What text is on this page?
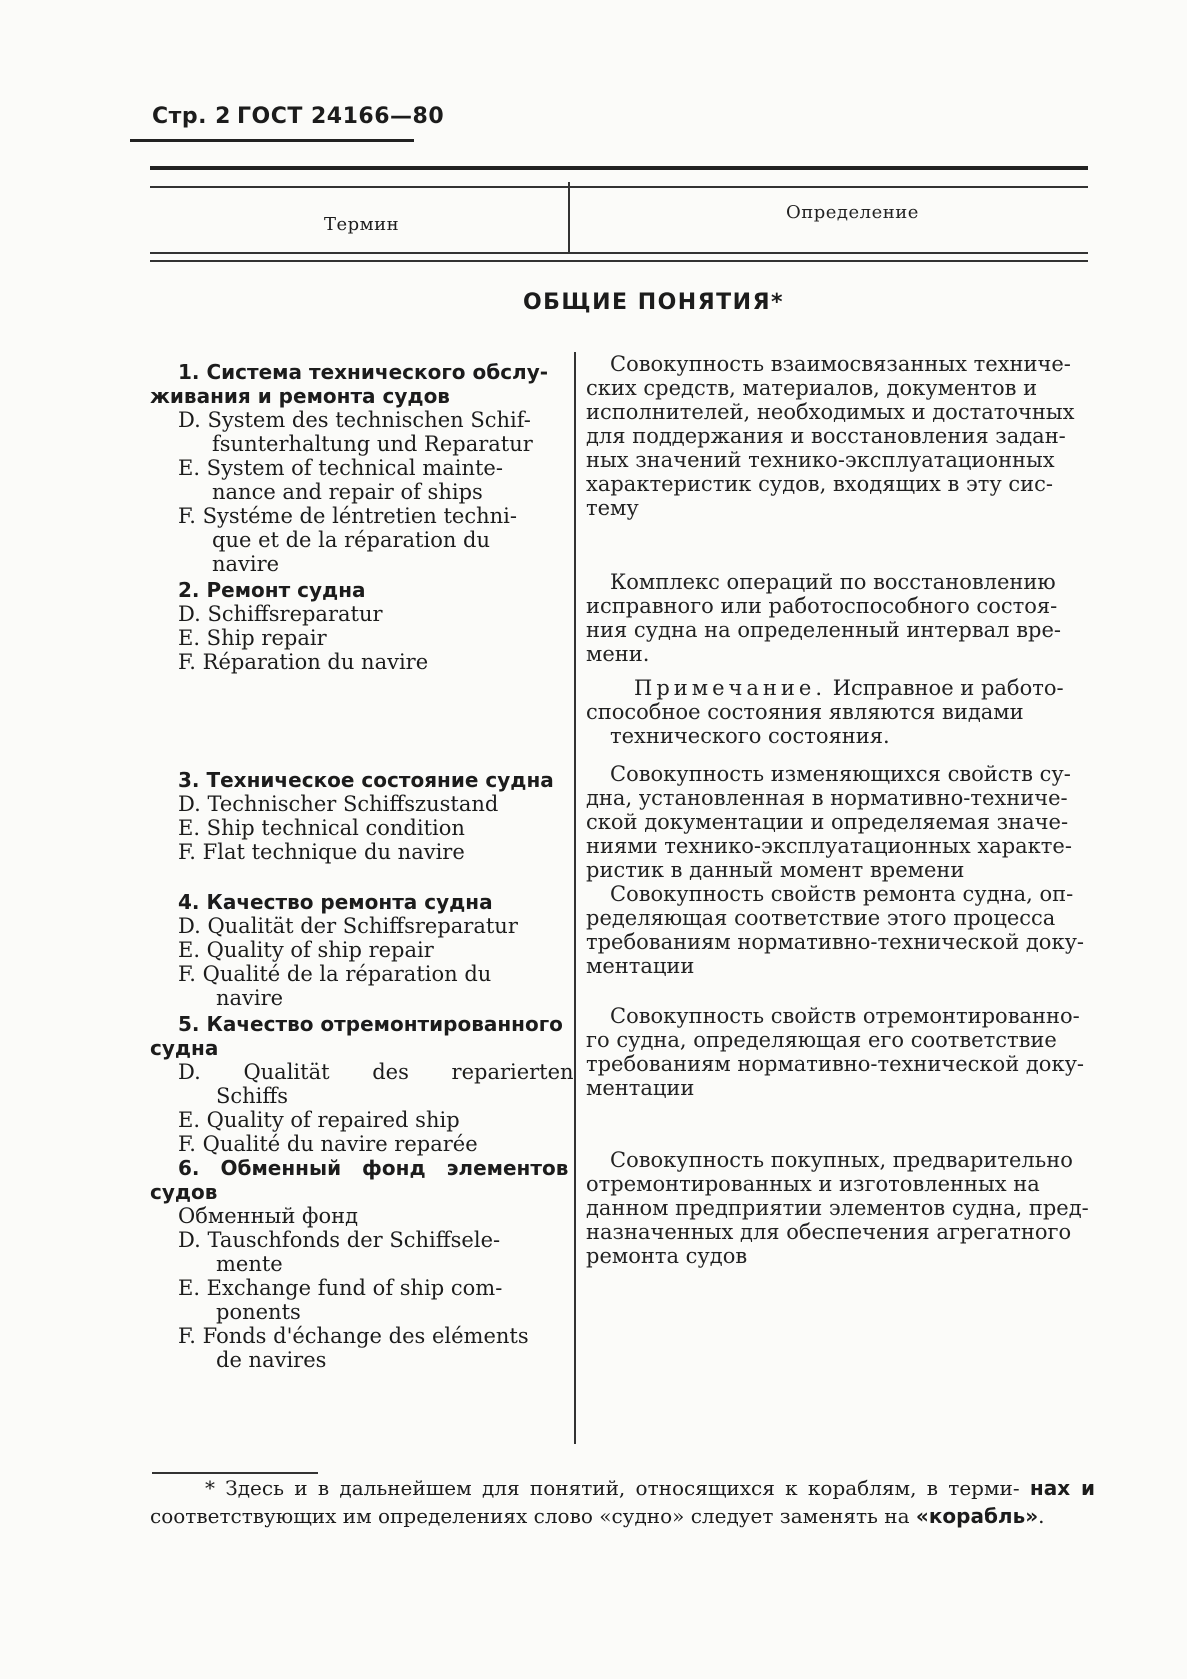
Стр. 2 ГОСТ 24166—80
Термин
Определение
ОБЩИЕ ПОНЯТИЯ*
1. Система технического обслу-
живания и ремонта судов
D. System des technischen Schif-
fsunterhaltung und Reparatur
E. System of technical mainte-
nance and repair of ships
F. Systéme de léntretien techni-
que et de la réparation du
navire
Совокупность взаимосвязанных техниче-
ских средств, материалов, документов и
исполнителей, необходимых и достаточных
для поддержания и восстановления задан-
ных значений технико-эксплуатационных
характеристик судов, входящих в эту сис-
тему
2. Ремонт судна
D. Schiffsreparatur
E. Ship repair
F. Réparation du navire
Комплекс операций по восстановлению
исправного или работоспособного состоя-
ния судна на определенный интервал вре-
мени.
Примечание. Исправное и работо-
способное состояния являются видами
технического состояния.
3. Техническое состояние судна
D. Technischer Schiffszustand
E. Ship technical condition
F. Flat technique du navire
Совокупность изменяющихся свойств су-
дна, установленная в нормативно-техниче-
ской документации и определяемая значе-
ниями технико-эксплуатационных характе-
ристик в данный момент времени
4. Качество ремонта судна
D. Qualität der Schiffsreparatur
E. Quality of ship repair
F. Qualité de la réparation du
navire
Совокупность свойств ремонта судна, оп-
ределяющая соответствие этого процесса
требованиям нормативно-технической доку-
ментации
5. Качество отремонтированного
судна
D. Qualität des reparierten
Schiffs
E. Quality of repaired ship
F. Qualité du navire reparée
Совокупность свойств отремонтированно-
го судна, определяющая его соответствие
требованиям нормативно-технической доку-
ментации
6. Обменный фонд элементов
судов
Обменный фонд
D. Tauschfonds der Schiffsele-
mente
E. Exchange fund of ship com-
ponents
F. Fonds d'échange des eléments
de navires
Совокупность покупных, предварительно
отремонтированных и изготовленных на
данном предприятии элементов судна, пред-
назначенных для обеспечения агрегатного
ремонта судов
* Здесь и в дальнейшем для понятий, относящихся к кораблям, в терми- нах и соответствующих им определениях слово «судно» следует заменять на «корабль».
